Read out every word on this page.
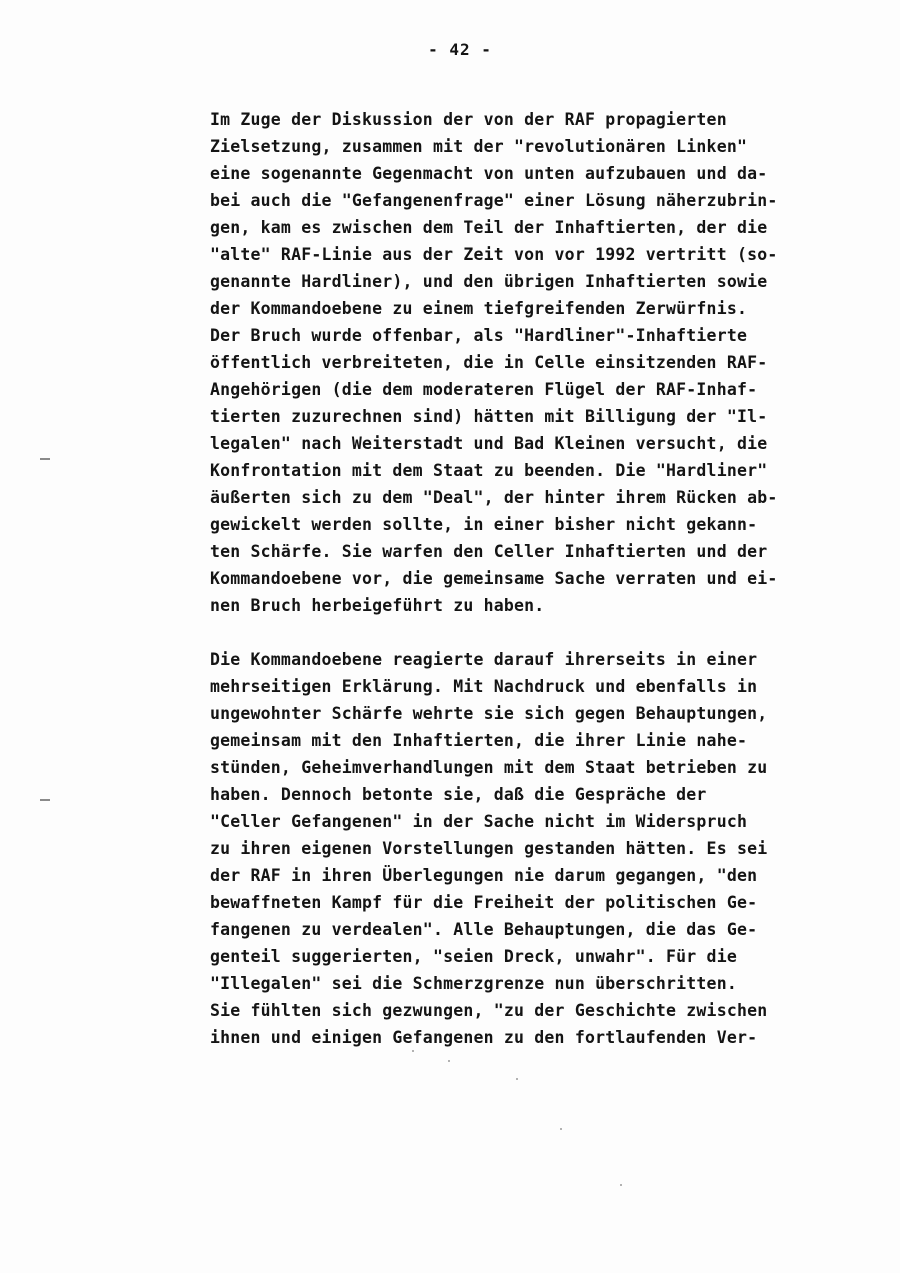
- 42 -
Im Zuge der Diskussion der von der RAF propagierten
Zielsetzung, zusammen mit der "revolutionären Linken"
eine sogenannte Gegenmacht von unten aufzubauen und da-
bei auch die "Gefangenenfrage" einer Lösung näherzubrin-
gen, kam es zwischen dem Teil der Inhaftierten, der die
"alte" RAF-Linie aus der Zeit von vor 1992 vertritt (so-
genannte Hardliner), und den übrigen Inhaftierten sowie
der Kommandoebene zu einem tiefgreifenden Zerwürfnis.
Der Bruch wurde offenbar, als "Hardliner"-Inhaftierte
öffentlich verbreiteten, die in Celle einsitzenden RAF-
Angehörigen (die dem moderateren Flügel der RAF-Inhaf-
tierten zuzurechnen sind) hätten mit Billigung der "Il-
legalen" nach Weiterstadt und Bad Kleinen versucht, die
Konfrontation mit dem Staat zu beenden. Die "Hardliner"
äußerten sich zu dem "Deal", der hinter ihrem Rücken ab-
gewickelt werden sollte, in einer bisher nicht gekann-
ten Schärfe. Sie warfen den Celler Inhaftierten und der
Kommandoebene vor, die gemeinsame Sache verraten und ei-
nen Bruch herbeigeführt zu haben.
Die Kommandoebene reagierte darauf ihrerseits in einer
mehrseitigen Erklärung. Mit Nachdruck und ebenfalls in
ungewohnter Schärfe wehrte sie sich gegen Behauptungen,
gemeinsam mit den Inhaftierten, die ihrer Linie nahe-
stünden, Geheimverhandlungen mit dem Staat betrieben zu
haben. Dennoch betonte sie, daß die Gespräche der
"Celler Gefangenen" in der Sache nicht im Widerspruch
zu ihren eigenen Vorstellungen gestanden hätten. Es sei
der RAF in ihren Überlegungen nie darum gegangen, "den
bewaffneten Kampf für die Freiheit der politischen Ge-
fangenen zu verdealen". Alle Behauptungen, die das Ge-
genteil suggerierten, "seien Dreck, unwahr". Für die
"Illegalen" sei die Schmerzgrenze nun überschritten.
Sie fühlten sich gezwungen, "zu der Geschichte zwischen
ihnen und einigen Gefangenen zu den fortlaufenden Ver-
